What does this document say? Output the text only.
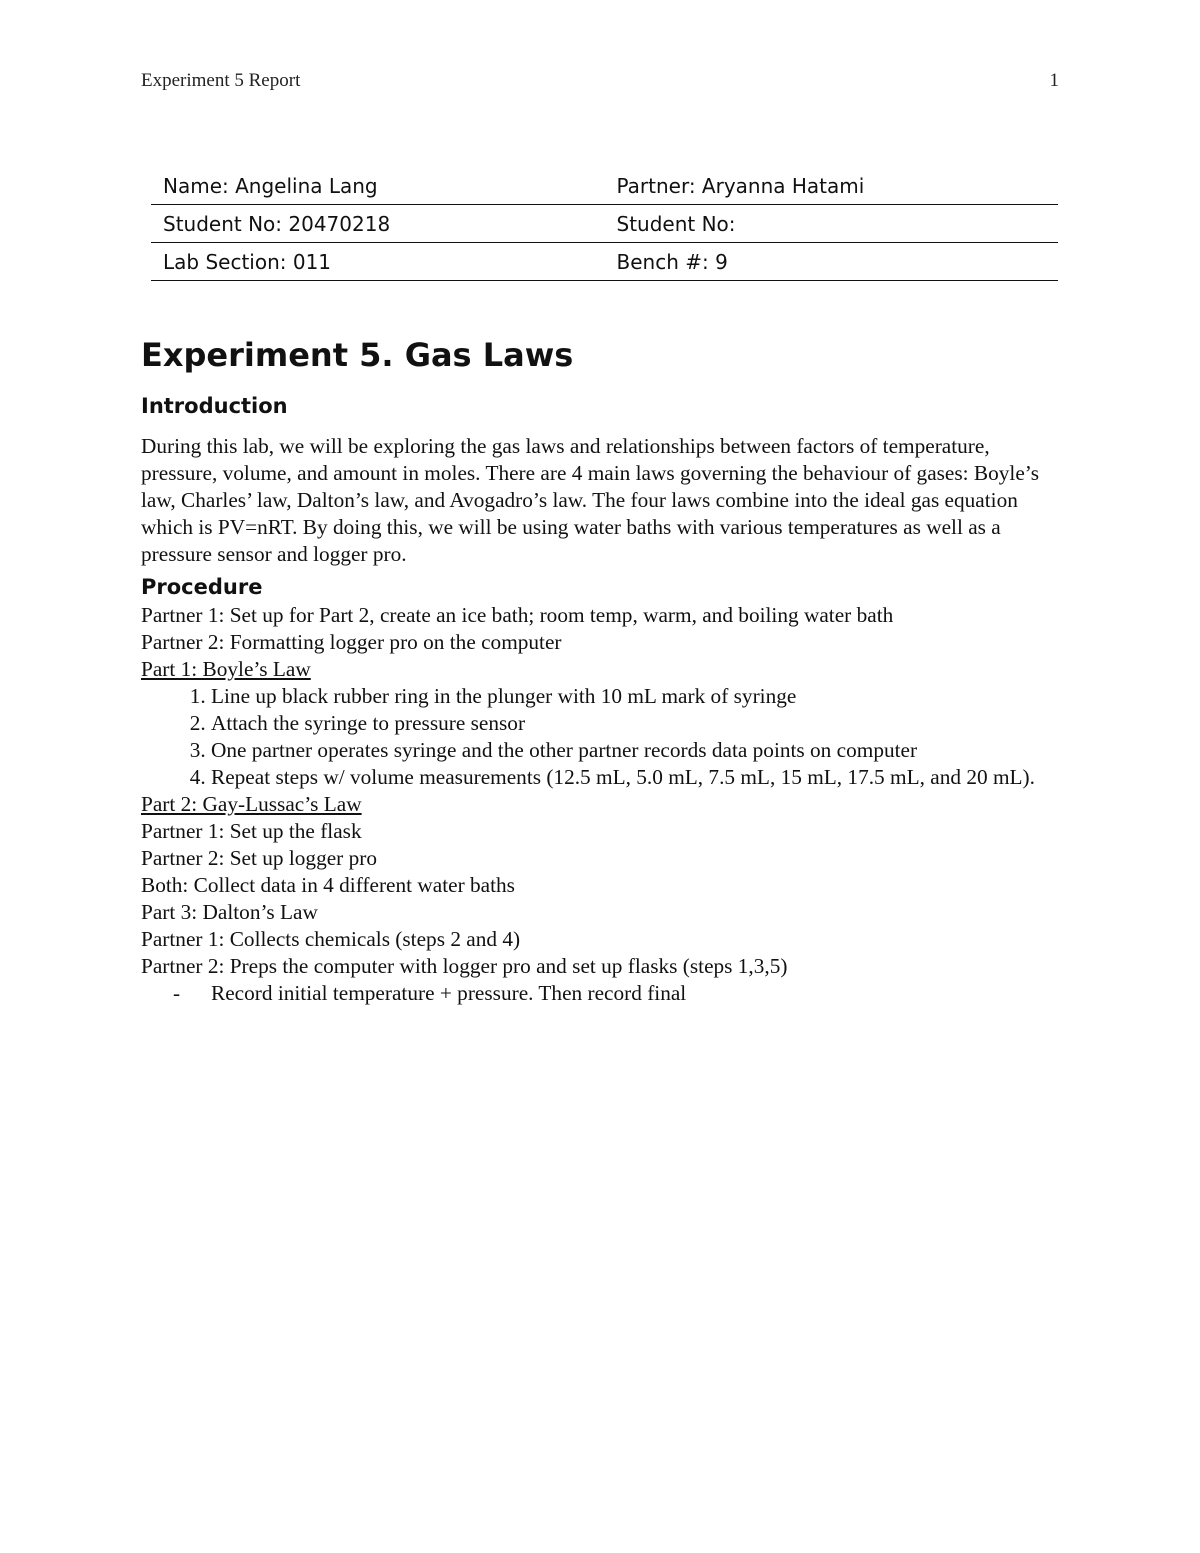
Experiment 5 Report	1
Name: Angelina Lang	Partner: Aryanna Hatami
Student No: 20470218	Student No:
Lab Section: 011	Bench #: 9
Experiment 5. Gas Laws
Introduction

During this lab, we will be exploring the gas laws and relationships between factors of temperature, pressure, volume, and amount in moles. There are 4 main laws governing the behaviour of gases: Boyle’s law, Charles’ law, Dalton’s law, and Avogadro’s law. The four laws combine into the ideal gas equation which is PV=nRT. By doing this, we will be using water baths with various temperatures as well as a pressure sensor and logger pro.

Procedure

Partner 1: Set up for Part 2, create an ice bath; room temp, warm, and boiling water bath

Partner 2: Formatting logger pro on the computer

Part 1: Boyle’s Law

1. Line up black rubber ring in the plunger with 10 mL mark of syringe
2. Attach the syringe to pressure sensor
3. One partner operates syringe and the other partner records data points on computer
4. Repeat steps w/ volume measurements (12.5 mL, 5.0 mL, 7.5 mL, 15 mL, 17.5 mL, and 20 mL).

Part 2: Gay-Lussac’s Law

Partner 1: Set up the flask

Partner 2: Set up logger pro

Both: Collect data in 4 different water baths

Part 3: Dalton’s Law

Partner 1: Collects chemicals (steps 2 and 4)

Partner 2: Preps the computer with logger pro and set up flasks (steps 1,3,5)

- Record initial temperature + pressure. Then record final
